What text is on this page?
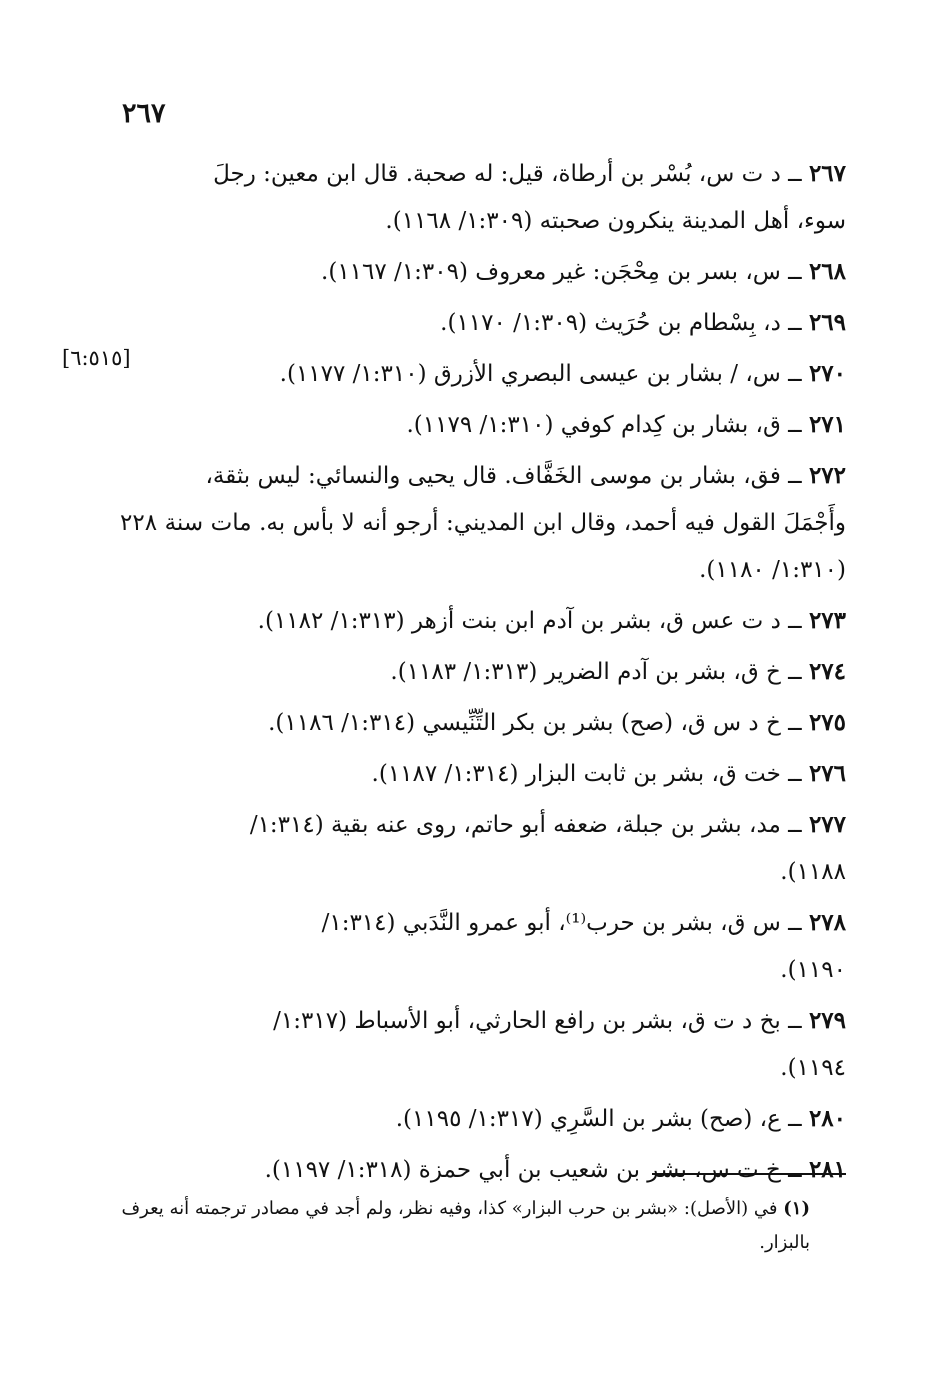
٢٦٧
[٦:٥١٥]
٢٦٧ ــ د ت س، بُسْر بن أرطاة، قيل: له صحبة. قال ابن معين: رجلَ
سوء، أهل المدينة ينكرون صحبته (١:٣٠٩/ ١١٦٨).
٢٦٨ ــ س، بسر بن مِحْجَن: غير معروف (١:٣٠٩/ ١١٦٧).
٢٦٩ ــ د، بِسْطام بن حُرَيث (١:٣٠٩/ ١١٧٠).
٢٧٠ ــ س، / بشار بن عيسى البصري الأزرق (١:٣١٠/ ١١٧٧).
٢٧١ ــ ق، بشار بن كِدام كوفي (١:٣١٠/ ١١٧٩).
٢٧٢ ــ فق، بشار بن موسى الخَفَّاف. قال يحيى والنسائي: ليس بثقة،
وأَجْمَلَ القول فيه أحمد، وقال ابن المديني: أرجو أنه لا بأس به. مات سنة ٢٢٨ (١:٣١٠/ ١١٨٠).
٢٧٣ ــ د ت عس ق، بشر بن آدم ابن بنت أزهر (١:٣١٣/ ١١٨٢).
٢٧٤ ــ خ ق، بشر بن آدم الضرير (١:٣١٣/ ١١٨٣).
٢٧٥ ــ خ د س ق، (صح) بشر بن بكر التِّنِّيسي (١:٣١٤/ ١١٨٦).
٢٧٦ ــ خت ق، بشر بن ثابت البزار (١:٣١٤/ ١١٨٧).
٢٧٧ ــ مد، بشر بن جبلة، ضعفه أبو حاتم، روى عنه بقية (١:٣١٤/
١١٨٨).
٢٧٨ ــ س ق، بشر بن حرب⁽¹⁾، أبو عمرو النَّدَبي (١:٣١٤/
١١٩٠).
٢٧٩ ــ بخ د ت ق، بشر بن رافع الحارثي، أبو الأسباط (١:٣١٧/
١١٩٤).
٢٨٠ ــ ع، (صح) بشر بن السَّرِي (١:٣١٧/ ١١٩٥).
٢٨١ ــ خ ت س، بشر بن شعيب بن أبي حمزة (١:٣١٨/ ١١٩٧).
(١) في (الأصل): «بشر بن حرب البزار» كذا، وفيه نظر، ولم أجد في مصادر ترجمته أنه يعرف بالبزار.
